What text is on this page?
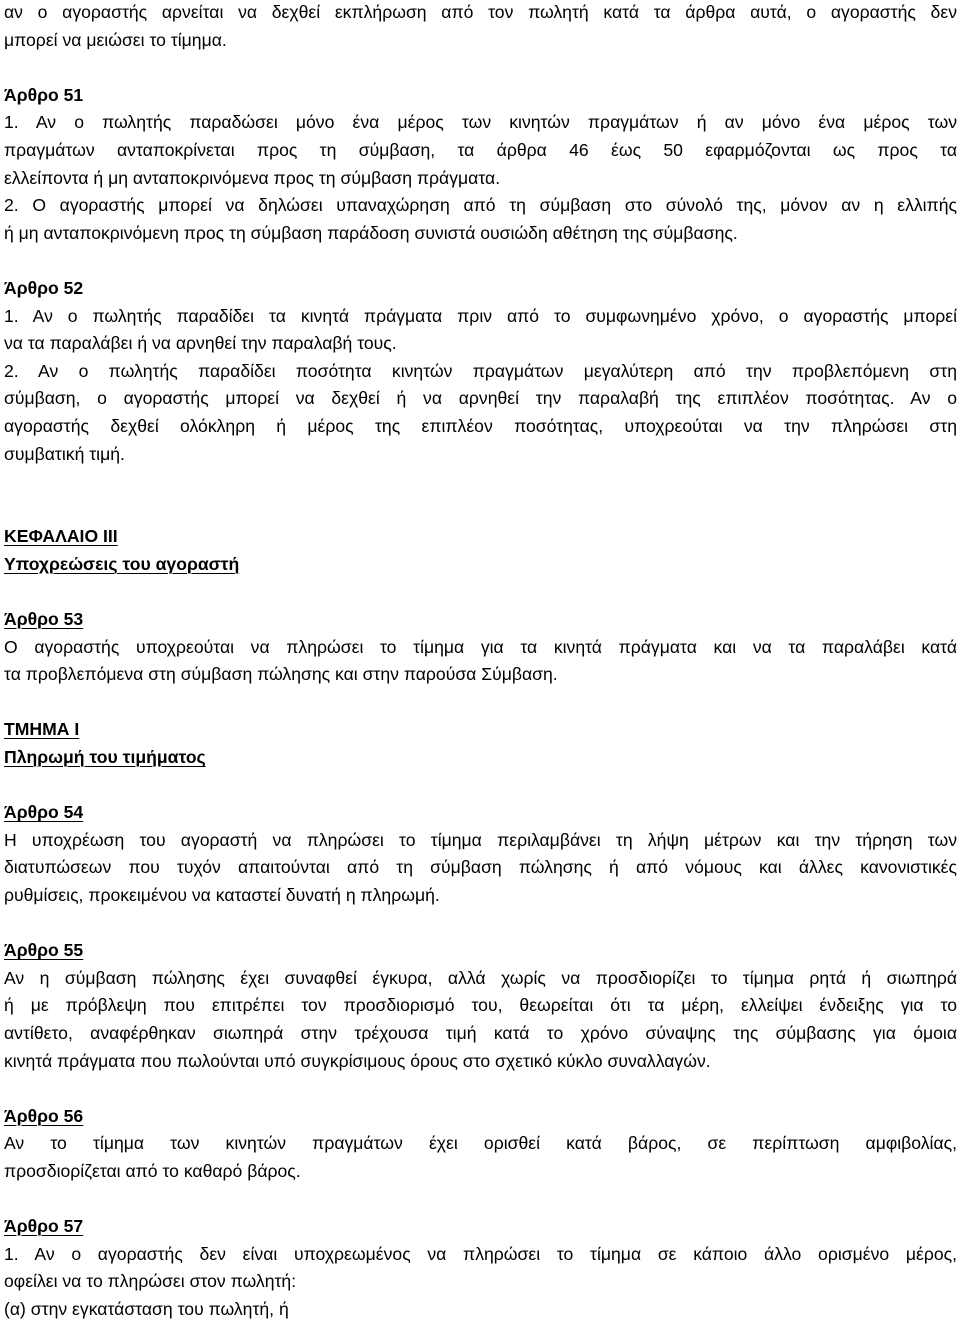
αν ο αγοραστής αρνείται να δεχθεί εκπλήρωση από τον πωλητή κατά τα άρθρα αυτά, ο αγοραστής δεν
μπορεί να μειώσει το τίμημα.
Άρθρο 51
1. Αν ο πωλητής παραδώσει μόνο ένα μέρος των κινητών πραγμάτων ή αν μόνο ένα μέρος των
πραγμάτων ανταποκρίνεται προς τη σύμβαση, τα άρθρα 46 έως 50 εφαρμόζονται ως προς τα
ελλείποντα ή μη ανταποκρινόμενα προς τη σύμβαση πράγματα.
2. Ο αγοραστής μπορεί να δηλώσει υπαναχώρηση από τη σύμβαση στο σύνολό της, μόνον αν η ελλιπής
ή μη ανταποκρινόμενη προς τη σύμβαση παράδοση συνιστά ουσιώδη αθέτηση της σύμβασης.
Άρθρο 52
1. Αν ο πωλητής παραδίδει τα κινητά πράγματα πριν από το συμφωνημένο χρόνο, ο αγοραστής μπορεί
να τα παραλάβει ή να αρνηθεί την παραλαβή τους.
2. Αν ο πωλητής παραδίδει ποσότητα κινητών πραγμάτων μεγαλύτερη από την προβλεπόμενη στη
σύμβαση, ο αγοραστής μπορεί να δεχθεί ή να αρνηθεί την παραλαβή της επιπλέον ποσότητας. Αν ο
αγοραστής δεχθεί ολόκληρη ή μέρος της επιπλέον ποσότητας, υποχρεούται να την πληρώσει στη
συμβατική τιμή.
ΚΕΦΑΛΑΙΟ ΙΙΙ
Υποχρεώσεις του αγοραστή
Άρθρο 53
Ο αγοραστής υποχρεούται να πληρώσει το τίμημα για τα κινητά πράγματα και να τα παραλάβει κατά
τα προβλεπόμενα στη σύμβαση πώλησης και στην παρούσα Σύμβαση.
ΤΜΗΜΑ Ι
Πληρωμή του τιμήματος
Άρθρο 54
Η υποχρέωση του αγοραστή να πληρώσει το τίμημα περιλαμβάνει τη λήψη μέτρων και την τήρηση των
διατυπώσεων που τυχόν απαιτούνται από τη σύμβαση πώλησης ή από νόμους και άλλες κανονιστικές
ρυθμίσεις, προκειμένου να καταστεί δυνατή η πληρωμή.
Άρθρο 55
Αν η σύμβαση πώλησης έχει συναφθεί έγκυρα, αλλά χωρίς να προσδιορίζει το τίμημα ρητά ή σιωπηρά
ή με πρόβλεψη που επιτρέπει τον προσδιορισμό του, θεωρείται ότι τα μέρη, ελλείψει ένδειξης για το
αντίθετο, αναφέρθηκαν σιωπηρά στην τρέχουσα τιμή κατά το χρόνο σύναψης της σύμβασης για όμοια
κινητά πράγματα που πωλούνται υπό συγκρίσιμους όρους στο σχετικό κύκλο συναλλαγών.
Άρθρο 56
Αν το τίμημα των κινητών πραγμάτων έχει ορισθεί κατά βάρος, σε περίπτωση αμφιβολίας,
προσδιορίζεται από το καθαρό βάρος.
Άρθρο 57
1. Αν ο αγοραστής δεν είναι υποχρεωμένος να πληρώσει το τίμημα σε κάποιο άλλο ορισμένο μέρος,
οφείλει να το πληρώσει στον πωλητή:
(α) στην εγκατάσταση του πωλητή, ή
